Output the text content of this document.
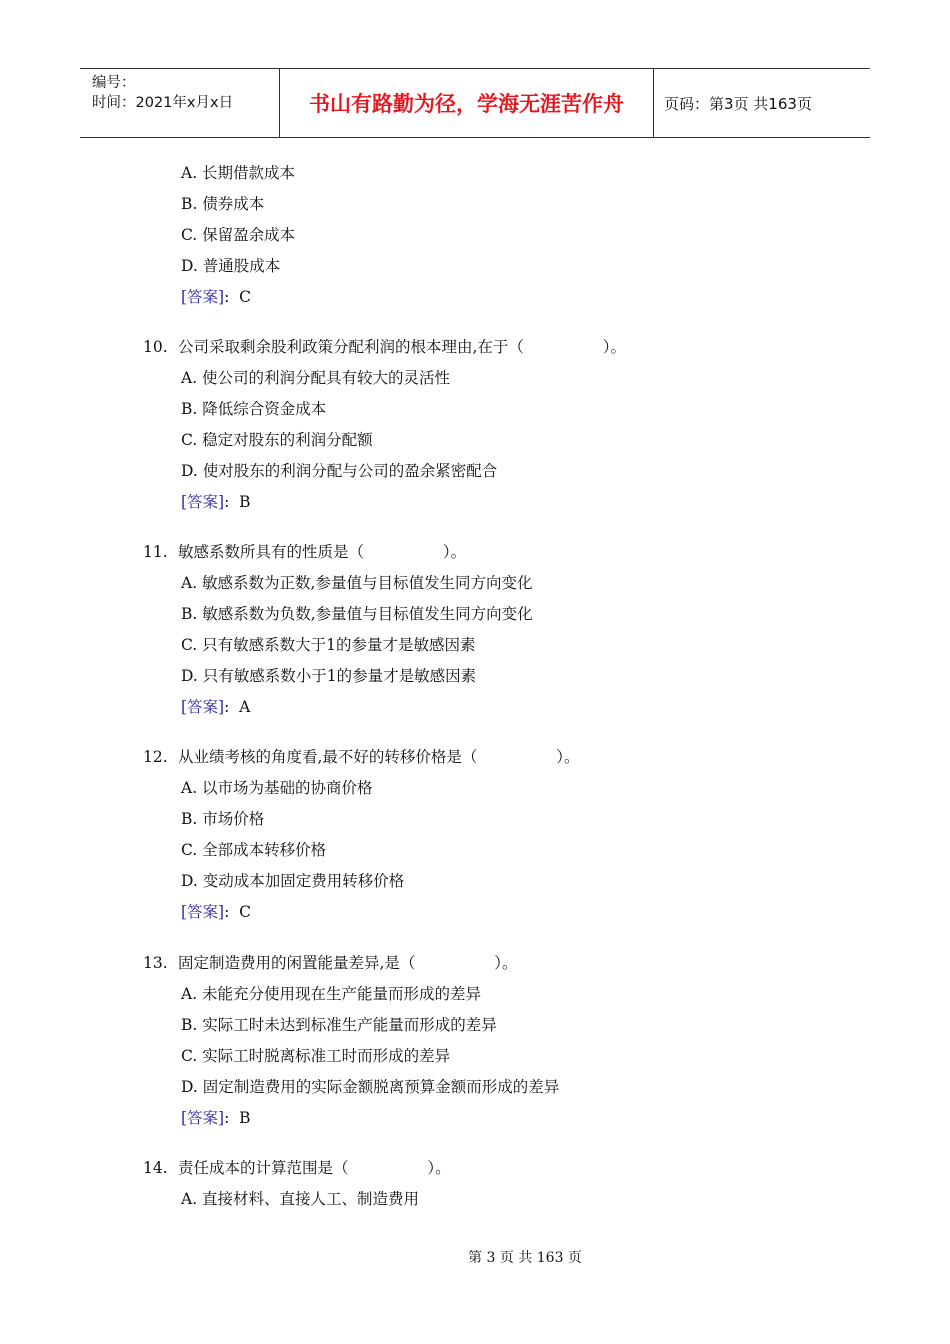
编号：
时间：2021年x月x日	书山有路勤为径，学海无涯苦作舟	页码：第3页 共163页
A. 长期借款成本
B. 债券成本
C. 保留盈余成本
D. 普通股成本
[答案]:  C
10. 公司采取剩余股利政策分配利润的根本理由,在于（                ）。
A. 使公司的利润分配具有较大的灵活性
B. 降低综合资金成本
C. 稳定对股东的利润分配额
D. 使对股东的利润分配与公司的盈余紧密配合
[答案]:  B
11. 敏感系数所具有的性质是（                ）。
A. 敏感系数为正数,参量值与目标值发生同方向变化
B. 敏感系数为负数,参量值与目标值发生同方向变化
C. 只有敏感系数大于1的参量才是敏感因素
D. 只有敏感系数小于1的参量才是敏感因素
[答案]:  A
12. 从业绩考核的角度看,最不好的转移价格是（                ）。
A. 以市场为基础的协商价格
B. 市场价格
C. 全部成本转移价格
D. 变动成本加固定费用转移价格
[答案]:  C
13. 固定制造费用的闲置能量差异,是（                ）。
A. 未能充分使用现在生产能量而形成的差异
B. 实际工时未达到标准生产能量而形成的差异
C. 实际工时脱离标准工时而形成的差异
D. 固定制造费用的实际金额脱离预算金额而形成的差异
[答案]:  B
14. 责任成本的计算范围是（                ）。
A. 直接材料、直接人工、制造费用
第 3 页 共 163 页
